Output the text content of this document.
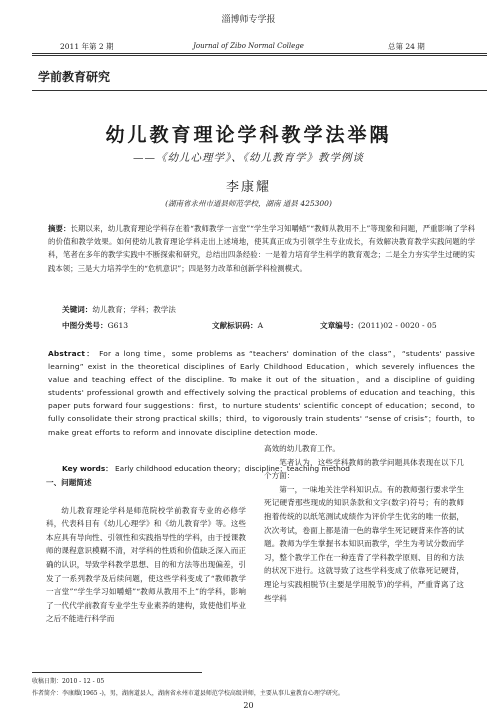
淄博师专学报
2011 年第 2 期	Journal of Zibo Normal College	总第 24 期
学前教育研究
幼儿教育理论学科教学法举隅
——《幼儿心理学》、《幼儿教育学》教学例谈
李康耀
(湖南省永州市道县师范学校，湖南 道县 425300)
摘要：长期以来，幼儿教育理论学科存在着“教师教学一言堂”“学生学习知嚼蜡”“教师从教用不上”等现象和问题，严重影响了学科的价值和教学效果。如何使幼儿教育理论学科走出上述境地，使其真正成为引领学生专业成长，有效解决教育教学实践问题的学科，笔者在多年的教学实践中不断探索和研究，总结出四条经验：一是着力培育学生科学的教育观念；二是全力夯实学生过硬的实践本领；三是大力培养学生的“危机意识”；四是努力改革和创新学科检测模式。
关键词：幼儿教育；学科；教学法
中图分类号：G613	文献标识码：A	文章编号：(2011)02 - 0020 - 05
Abstract： For a long time，some problems as “teachers' domination of the class”，“students' passive learning” exist in the theoretical disciplines of Early Childhood Education，which severely influences the value and teaching effect of the discipline. To make it out of the situation，and a discipline of guiding students' professional growth and effectively solving the practical problems of education and teaching，this paper puts forward four suggestions：first，to nurture students' scientific concept of education；second，to fully consolidate their strong practical skills；third，to vigorously train students' “sense of crisis”；fourth，to make great efforts to reform and innovate discipline detection mode.
Key words： Early childhood education theory；discipline；teaching method
一、问题简述

幼儿教育理论学科是师范院校学前教育专业的必修学科，代表科目有《幼儿心理学》和《幼儿教育学》等。这些本应具有导向性、引领性和实践指导性的学科，由于授课教师的课程意识模糊不清，对学科的性质和价值缺乏深入而正确的认识，导致学科教学思想、目的和方法等出现偏差，引发了一系列教学及后续问题，使这些学科变成了“教师教学一言堂”“学生学习如嚼蜡”“教师从教用不上”的学科，影响了一代代学前教育专业学生专业素养的建构，致使他们毕业之后不能进行科学而

高效的幼儿教育工作。

笔者认为，这些学科教师的教学问题具体表现在以下几个方面：

第一，一味地关注学科知识点。有的教师强行要求学生死记硬背那些现成的知识条款和文字(数字)符号；有的教师抱着传统的以纸笔测试成绩作为评价学生优劣的唯一依据，次次考试，卷面上都是清一色的靠学生死记硬背来作答的试题。教师为学生掌握书本知识而教学，学生为考试分数而学习，整个教学工作在一种连背了学科教学原则、目的和方法的状况下进行。这就导致了这些学科变成了依靠死记硬背，理论与实践相脱节(主要是学用脱节)的学科，严重背离了这些学科

收稿日期：2010 - 12 - 05
作者简介：李康耀(1965 -)，男，湖南道县人，湖南省永州市道县师范学校高级讲师，主要从事儿童教育心理学研究。
20
